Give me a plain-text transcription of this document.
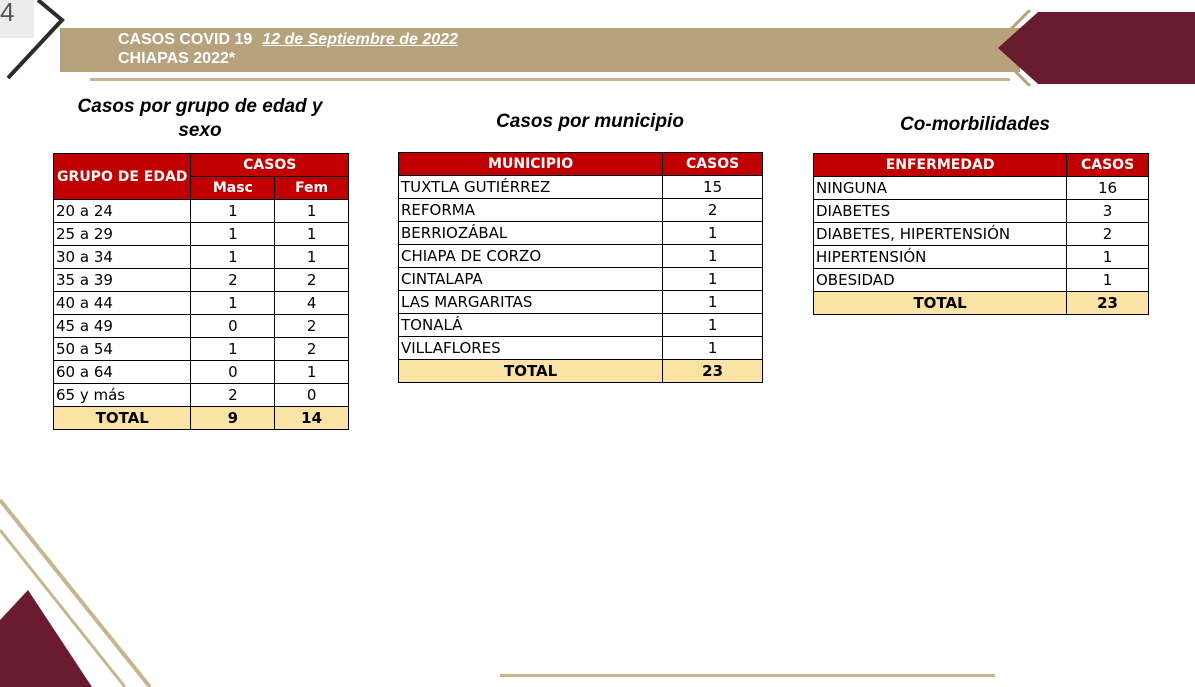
4
CASOS COVID 19 12 de Septiembre de 2022
CHIAPAS 2022*
Casos por grupo de edad y sexo	Casos por municipio	Co-morbilidades
GRUPO DE EDAD	CASOS	
	Masc	Fem
20 a 24	1	1
25 a 29	1	1
30 a 34	1	1
35 a 39	2	2
40 a 44	1	4
45 a 49	0	2
50 a 54	1	2
60 a 64	0	1
65 y más	2	0
TOTAL	9	14
MUNICIPIO	CASOS
TUXTLA GUTIÉRREZ	15
REFORMA	2
BERRIOZÁBAL	1
CHIAPA DE CORZO	1
CINTALAPA	1
LAS MARGARITAS	1
TONALÁ	1
VILLAFLORES	1
TOTAL	23
ENFERMEDAD	CASOS
NINGUNA	16
DIABETES	3
DIABETES, HIPERTENSIÓN	2
HIPERTENSIÓN	1
OBESIDAD	1
TOTAL	23
